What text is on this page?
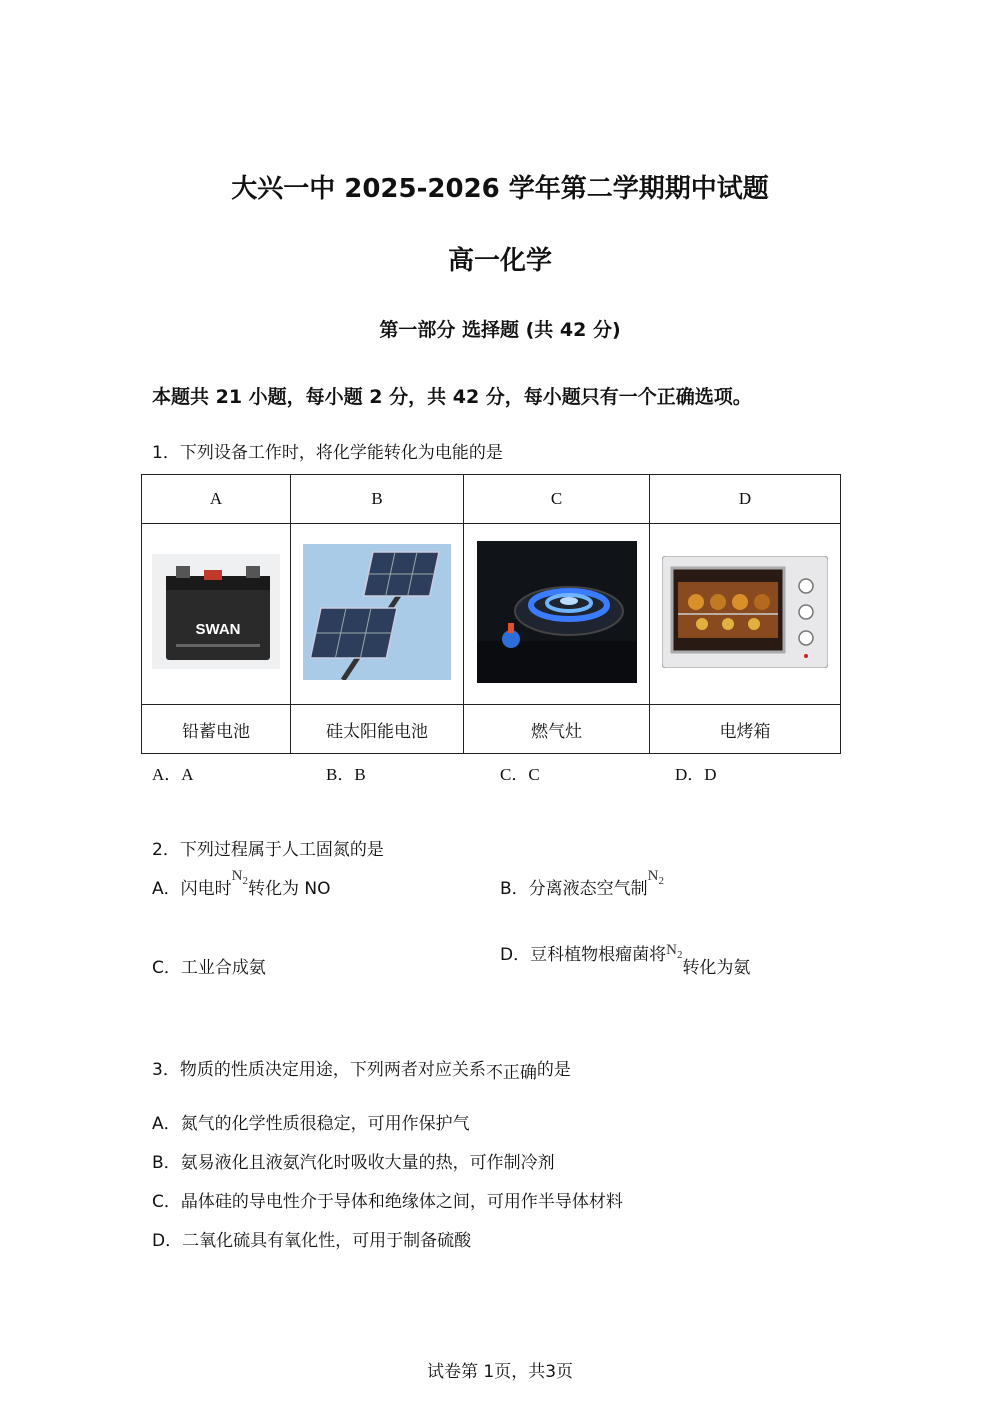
大兴一中 2025-2026 学年第二学期期中试题
高一化学
第一部分 选择题 (共 42 分)
本题共 21 小题，每小题 2 分，共 42 分，每小题只有一个正确选项。
1．下列设备工作时，将化学能转化为电能的是
A	B	C	D

SWAN

铅蓄电池	硅太阳能电池	燃气灶	电烤箱
A．A	B．B	C．C	D．D
2．下列过程属于人工固氮的是
A．闪电时$N_2$转化为 NO	B．分离液态空气制$N_2$
C．工业合成氨
D．豆科植物根瘤菌将$N_2$转化为氨
3．物质的性质决定用途，下列两者对应关系不正确的是
A．氮气的化学性质很稳定，可用作保护气
B．氨易液化且液氨汽化时吸收大量的热，可作制冷剂
C．晶体硅的导电性介于导体和绝缘体之间，可用作半导体材料
D．二氧化硫具有氧化性，可用于制备硫酸
试卷第 1页，共3页
